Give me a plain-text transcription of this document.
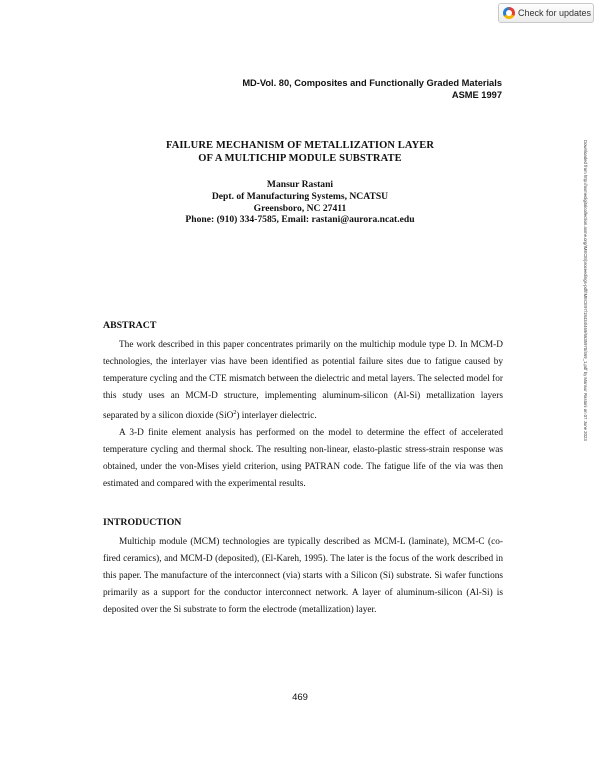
Check for updates
MD-Vol. 80, Composites and Functionally Graded Materials
ASME 1997
FAILURE MECHANISM OF METALLIZATION LAYER
OF A MULTICHIP MODULE SUBSTRATE
Mansur Rastani
Dept. of Manufacturing Systems, NCATSU
Greensboro, NC 27411
Phone: (910) 334-7585, Email: rastani@aurora.ncat.edu	Downloaded from http://asmedigitalcollection.asme.org/IMECE/proceedings-pdf/IMECE97/18434/469/6635970/469_1.pdf by Mansur Rastani on 07 June 2023
ABSTRACT

The work described in this paper concentrates primarily on the multichip module type D. In MCM-D technologies, the interlayer vias have been identified as potential failure sites due to fatigue caused by temperature cycling and the CTE mismatch between the dielectric and metal layers. The selected model for this study uses an MCM-D structure, implementing aluminum-silicon (Al-Si) metallization layers separated by a silicon dioxide (SiO$^2$) interlayer dielectric.

A 3-D finite element analysis has performed on the model to determine the effect of accelerated temperature cycling and thermal shock. The resulting non-linear, elasto-plastic stress-strain response was obtained, under the von-Mises yield criterion, using PATRAN code. The fatigue life of the via was then estimated and compared with the experimental results.

INTRODUCTION

Multichip module (MCM) technologies are typically described as MCM-L (laminate), MCM-C (co-fired ceramics), and MCM-D (deposited), (El-Kareh, 1995). The later is the focus of the work described in this paper. The manufacture of the interconnect (via) starts with a Silicon (Si) substrate. Si wafer functions primarily as a support for the conductor interconnect network. A layer of aluminum-silicon (Al-Si) is deposited over the Si substrate to form the electrode (metallization) layer.

469
